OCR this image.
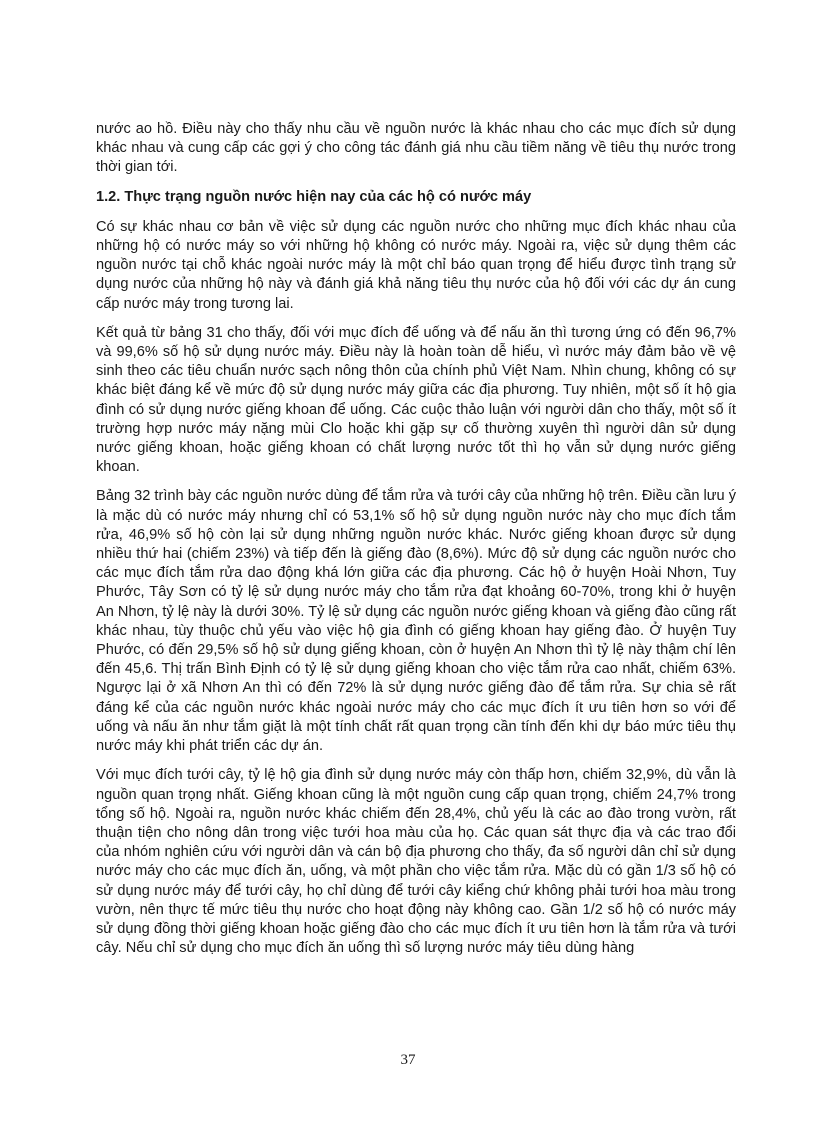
nước ao hồ. Điều này cho thấy nhu cầu về nguồn nước là khác nhau cho các mục đích sử dụng khác nhau và cung cấp các gợi ý cho công tác đánh giá nhu cầu tiềm năng về tiêu thụ nước trong thời gian tới.

1.2. Thực trạng nguồn nước hiện nay của các hộ có nước máy

Có sự khác nhau cơ bản về việc sử dụng các nguồn nước cho những mục đích khác nhau của những hộ có nước máy so với những hộ không có nước máy. Ngoài ra, việc sử dụng thêm các nguồn nước tại chỗ khác ngoài nước máy là một chỉ báo quan trọng để hiểu được tình trạng sử dụng nước của những hộ này và đánh giá khả năng tiêu thụ nước của hộ đối với các dự án cung cấp nước máy trong tương lai.

Kết quả từ bảng 31 cho thấy, đối với mục đích để uống và để nấu ăn thì tương ứng có đến 96,7% và 99,6% số hộ sử dụng nước máy. Điều này là hoàn toàn dễ hiểu, vì nước máy đảm bảo về vệ sinh theo các tiêu chuẩn nước sạch nông thôn của chính phủ Việt Nam. Nhìn chung, không có sự khác biệt đáng kể về mức độ sử dụng nước máy giữa các địa phương. Tuy nhiên, một số ít hộ gia đình có sử dụng nước giếng khoan để uống. Các cuộc thảo luận với người dân cho thấy, một số ít trường hợp nước máy nặng mùi Clo hoặc khi gặp sự cố thường xuyên thì người dân sử dụng nước giếng khoan, hoặc giếng khoan có chất lượng nước tốt thì họ vẫn sử dụng nước giếng khoan.

Bảng 32 trình bày các nguồn nước dùng để tắm rửa và tưới cây của những hộ trên. Điều cần lưu ý là mặc dù có nước máy nhưng chỉ có 53,1% số hộ sử dụng nguồn nước này cho mục đích tắm rửa, 46,9% số hộ còn lại sử dụng những nguồn nước khác. Nước giếng khoan được sử dụng nhiều thứ hai (chiếm 23%) và tiếp đến là giếng đào (8,6%). Mức độ sử dụng các nguồn nước cho các mục đích tắm rửa dao động khá lớn giữa các địa phương. Các hộ ở huyện Hoài Nhơn, Tuy Phước, Tây Sơn có tỷ lệ sử dụng nước máy cho tắm rửa đạt khoảng 60-70%, trong khi ở huyện An Nhơn, tỷ lệ này là dưới 30%. Tỷ lệ sử dụng các nguồn nước giếng khoan và giếng đào cũng rất khác nhau, tùy thuộc chủ yếu vào việc hộ gia đình có giếng khoan hay giếng đào. Ở huyện Tuy Phước, có đến 29,5% số hộ sử dụng giếng khoan, còn ở huyện An Nhơn thì tỷ lệ này thậm chí lên đến 45,6. Thị trấn Bình Định có tỷ lệ sử dụng giếng khoan cho việc tắm rửa cao nhất, chiếm 63%. Ngược lại ở xã Nhơn An thì có đến 72% là sử dụng nước giếng đào để tắm rửa. Sự chia sẻ rất đáng kể của các nguồn nước khác ngoài nước máy cho các mục đích ít ưu tiên hơn so với để uống và nấu ăn như tắm giặt là một tính chất rất quan trọng cần tính đến khi dự báo mức tiêu thụ nước máy khi phát triển các dự án.

Với mục đích tưới cây, tỷ lệ hộ gia đình sử dụng nước máy còn thấp hơn, chiếm 32,9%, dù vẫn là nguồn quan trọng nhất. Giếng khoan cũng là một nguồn cung cấp quan trọng, chiếm 24,7% trong tổng số hộ. Ngoài ra, nguồn nước khác chiếm đến 28,4%, chủ yếu là các ao đào trong vườn, rất thuận tiện cho nông dân trong việc tưới hoa màu của họ. Các quan sát thực địa và các trao đổi của nhóm nghiên cứu với người dân và cán bộ địa phương cho thấy, đa số người dân chỉ sử dụng nước máy cho các mục đích ăn, uống, và một phần cho việc tắm rửa. Mặc dù có gần 1/3 số hộ có sử dụng nước máy để tưới cây, họ chỉ dùng để tưới cây kiểng chứ không phải tưới hoa màu trong vườn, nên thực tế mức tiêu thụ nước cho hoạt động này không cao. Gần 1/2 số hộ có nước máy sử dụng đồng thời giếng khoan hoặc giếng đào cho các mục đích ít ưu tiên hơn là tắm rửa và tưới cây. Nếu chỉ sử dụng cho mục đích ăn uống thì số lượng nước máy tiêu dùng hàng

37
